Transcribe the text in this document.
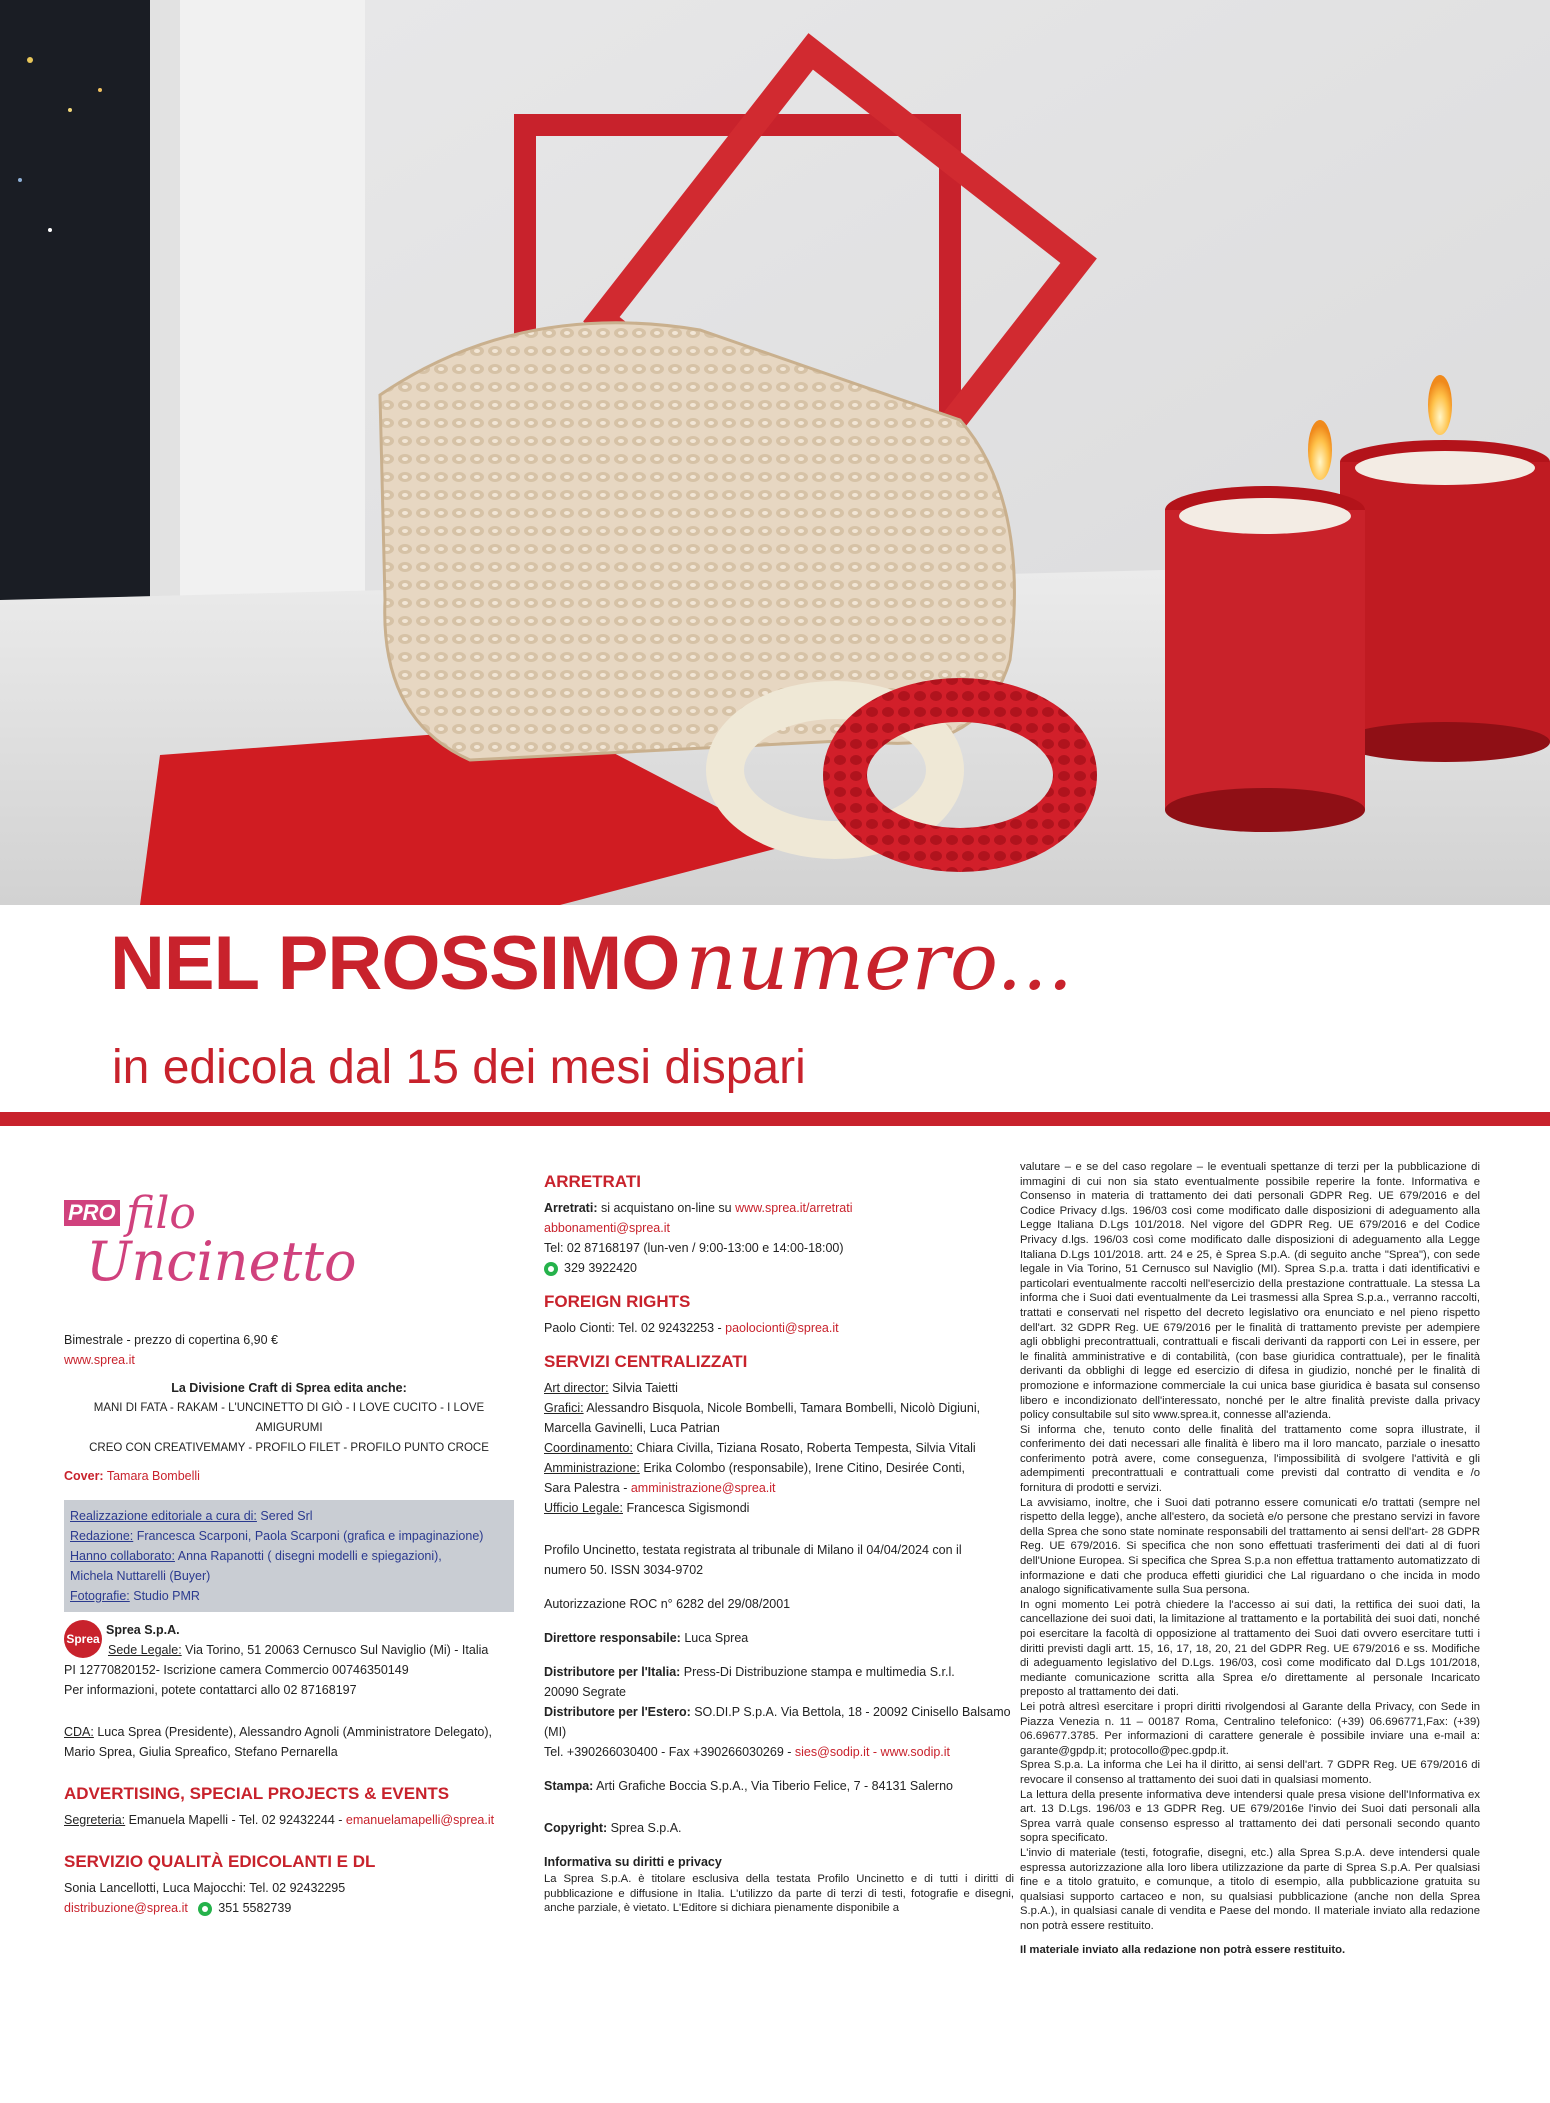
NEL PROSSIMOnumero...
in edicola dal 15 dei mesi dispari
PRO filo
Uncinetto
Bimestrale - prezzo di copertina 6,90 €
www.sprea.it
La Divisione Craft di Sprea edita anche:
MANI DI FATA - RAKAM - L'UNCINETTO DI GIÒ - I LOVE CUCITO - I LOVE AMIGURUMI
CREO CON CREATIVEMAMY - PROFILO FILET - PROFILO PUNTO CROCE
Cover: Tamara Bombelli
Realizzazione editoriale a cura di: Sered Srl
Redazione: Francesca Scarponi, Paola Scarponi (grafica e impaginazione)
Hanno collaborato: Anna Rapanotti ( disegni modelli e spiegazioni),
Michela Nuttarelli (Buyer)
Fotografie: Studio PMR
SpreaSprea S.p.A.
Sede Legale: Via Torino, 51 20063 Cernusco Sul Naviglio (Mi) - Italia
PI 12770820152- Iscrizione camera Commercio 00746350149
Per informazioni, potete contattarci allo 02 87168197
CDA: Luca Sprea (Presidente), Alessandro Agnoli (Amministratore Delegato),
Mario Sprea, Giulia Spreafico, Stefano Pernarella
ADVERTISING, SPECIAL PROJECTS & EVENTS
Segreteria: Emanuela Mapelli - Tel. 02 92432244 - emanuelamapelli@sprea.it
SERVIZIO QUALITÀ EDICOLANTI E DL
Sonia Lancellotti, Luca Majocchi: Tel. 02 92432295
distribuzione@sprea.it 351 5582739
ARRETRATI
Arretrati: si acquistano on-line su www.sprea.it/arretrati
abbonamenti@sprea.it
Tel: 02 87168197 (lun-ven / 9:00-13:00 e 14:00-18:00)
329 3922420
FOREIGN RIGHTS
Paolo Cionti: Tel. 02 92432253 - paolocionti@sprea.it
SERVIZI CENTRALIZZATI
Art director: Silvia Taietti
Grafici: Alessandro Bisquola, Nicole Bombelli, Tamara Bombelli, Nicolò Digiuni,
Marcella Gavinelli, Luca Patrian
Coordinamento: Chiara Civilla, Tiziana Rosato, Roberta Tempesta, Silvia Vitali
Amministrazione: Erika Colombo (responsabile), Irene Citino, Desirée Conti,
Sara Palestra - amministrazione@sprea.it
Ufficio Legale: Francesca Sigismondi
Profilo Uncinetto, testata registrata al tribunale di Milano il 04/04/2024 con il
numero 50. ISSN 3034-9702
Autorizzazione ROC n° 6282 del 29/08/2001
Direttore responsabile: Luca Sprea
Distributore per l'Italia: Press-Di Distribuzione stampa e multimedia S.r.l.
20090 Segrate
Distributore per l'Estero: SO.DI.P S.p.A. Via Bettola, 18 - 20092 Cinisello Balsamo (MI)
Tel. +390266030400 - Fax +390266030269 - sies@sodip.it - www.sodip.it
Stampa: Arti Grafiche Boccia S.p.A., Via Tiberio Felice, 7 - 84131 Salerno
Copyright: Sprea S.p.A.
Informativa su diritti e privacy
La Sprea S.p.A. è titolare esclusiva della testata Profilo Uncinetto e di tutti i diritti di pubblicazione e diffusione in Italia. L'utilizzo da parte di terzi di testi, fotografie e disegni, anche parziale, è vietato. L'Editore si dichiara pienamente disponibile a

valutare – e se del caso regolare – le eventuali spettanze di terzi per la pubblicazione di immagini di cui non sia stato eventualmente possibile reperire la fonte. Informativa e Consenso in materia di trattamento dei dati personali GDPR Reg. UE 679/2016 e del Codice Privacy d.lgs. 196/03 così come modificato dalle disposizioni di adeguamento alla Legge Italiana D.Lgs 101/2018. Nel vigore del GDPR Reg. UE 679/2016 e del Codice Privacy d.lgs. 196/03 così come modificato dalle disposizioni di adeguamento alla Legge Italiana D.Lgs 101/2018. artt. 24 e 25, è Sprea S.p.A. (di seguito anche "Sprea"), con sede legale in Via Torino, 51 Cernusco sul Naviglio (MI). Sprea S.p.a. tratta i dati identificativi e particolari eventualmente raccolti nell'esercizio della prestazione contrattuale. La stessa La informa che i Suoi dati eventualmente da Lei trasmessi alla Sprea S.p.a., verranno raccolti, trattati e conservati nel rispetto del decreto legislativo ora enunciato e nel pieno rispetto dell'art. 32 GDPR Reg. UE 679/2016 per le finalità di trattamento previste per adempiere agli obblighi precontrattuali, contrattuali e fiscali derivanti da rapporti con Lei in essere, per le finalità amministrative e di contabilità, (con base giuridica contrattuale), per le finalità derivanti da obblighi di legge ed esercizio di difesa in giudizio, nonché per le finalità di promozione e informazione commerciale la cui unica base giuridica è basata sul consenso libero e incondizionato dell'interessato, nonché per le altre finalità previste dalla privacy policy consultabile sul sito www.sprea.it, connesse all'azienda.

Si informa che, tenuto conto delle finalità del trattamento come sopra illustrate, il conferimento dei dati necessari alle finalità è libero ma il loro mancato, parziale o inesatto conferimento potrà avere, come conseguenza, l'impossibilità di svolgere l'attività e gli adempimenti precontrattuali e contrattuali come previsti dal contratto di vendita e /o fornitura di prodotti e servizi.

La avvisiamo, inoltre, che i Suoi dati potranno essere comunicati e/o trattati (sempre nel rispetto della legge), anche all'estero, da società e/o persone che prestano servizi in favore della Sprea che sono state nominate responsabili del trattamento ai sensi dell'art- 28 GDPR Reg. UE 679/2016. Si specifica che non sono effettuati trasferimenti dei dati al di fuori dell'Unione Europea. Si specifica che Sprea S.p.a non effettua trattamento automatizzato di informazione e dati che produca effetti giuridici che Lal riguardano o che incida in modo analogo significativamente sulla Sua persona.

In ogni momento Lei potrà chiedere la l'accesso ai sui dati, la rettifica dei suoi dati, la cancellazione dei suoi dati, la limitazione al trattamento e la portabilità dei suoi dati, nonché poi esercitare la facoltà di opposizione al trattamento dei Suoi dati ovvero esercitare tutti i diritti previsti dagli artt. 15, 16, 17, 18, 20, 21 del GDPR Reg. UE 679/2016 e ss. Modifiche di adeguamento legislativo del D.Lgs. 196/03, così come modificato dal D.Lgs 101/2018, mediante comunicazione scritta alla Sprea e/o direttamente al personale Incaricato preposto al trattamento dei dati.

Lei potrà altresì esercitare i propri diritti rivolgendosi al Garante della Privacy, con Sede in Piazza Venezia n. 11 – 00187 Roma, Centralino telefonico: (+39) 06.696771,Fax: (+39) 06.69677.3785. Per informazioni di carattere generale è possibile inviare una e-mail a: garante@gpdp.it; protocollo@pec.gpdp.it.

Sprea S.p.a. La informa che Lei ha il diritto, ai sensi dell'art. 7 GDPR Reg. UE 679/2016 di revocare il consenso al trattamento dei suoi dati in qualsiasi momento.

La lettura della presente informativa deve intendersi quale presa visione dell'Informativa ex art. 13 D.Lgs. 196/03 e 13 GDPR Reg. UE 679/2016e l'invio dei Suoi dati personali alla Sprea varrà quale consenso espresso al trattamento dei dati personali secondo quanto sopra specificato.

L'invio di materiale (testi, fotografie, disegni, etc.) alla Sprea S.p.A. deve intendersi quale espressa autorizzazione alla loro libera utilizzazione da parte di Sprea S.p.A. Per qualsiasi fine e a titolo gratuito, e comunque, a titolo di esempio, alla pubblicazione gratuita su qualsiasi supporto cartaceo e non, su qualsiasi pubblicazione (anche non della Sprea S.p.A.), in qualsiasi canale di vendita e Paese del mondo. Il materiale inviato alla redazione non potrà essere restituito.

Il materiale inviato alla redazione non potrà essere restituito.
